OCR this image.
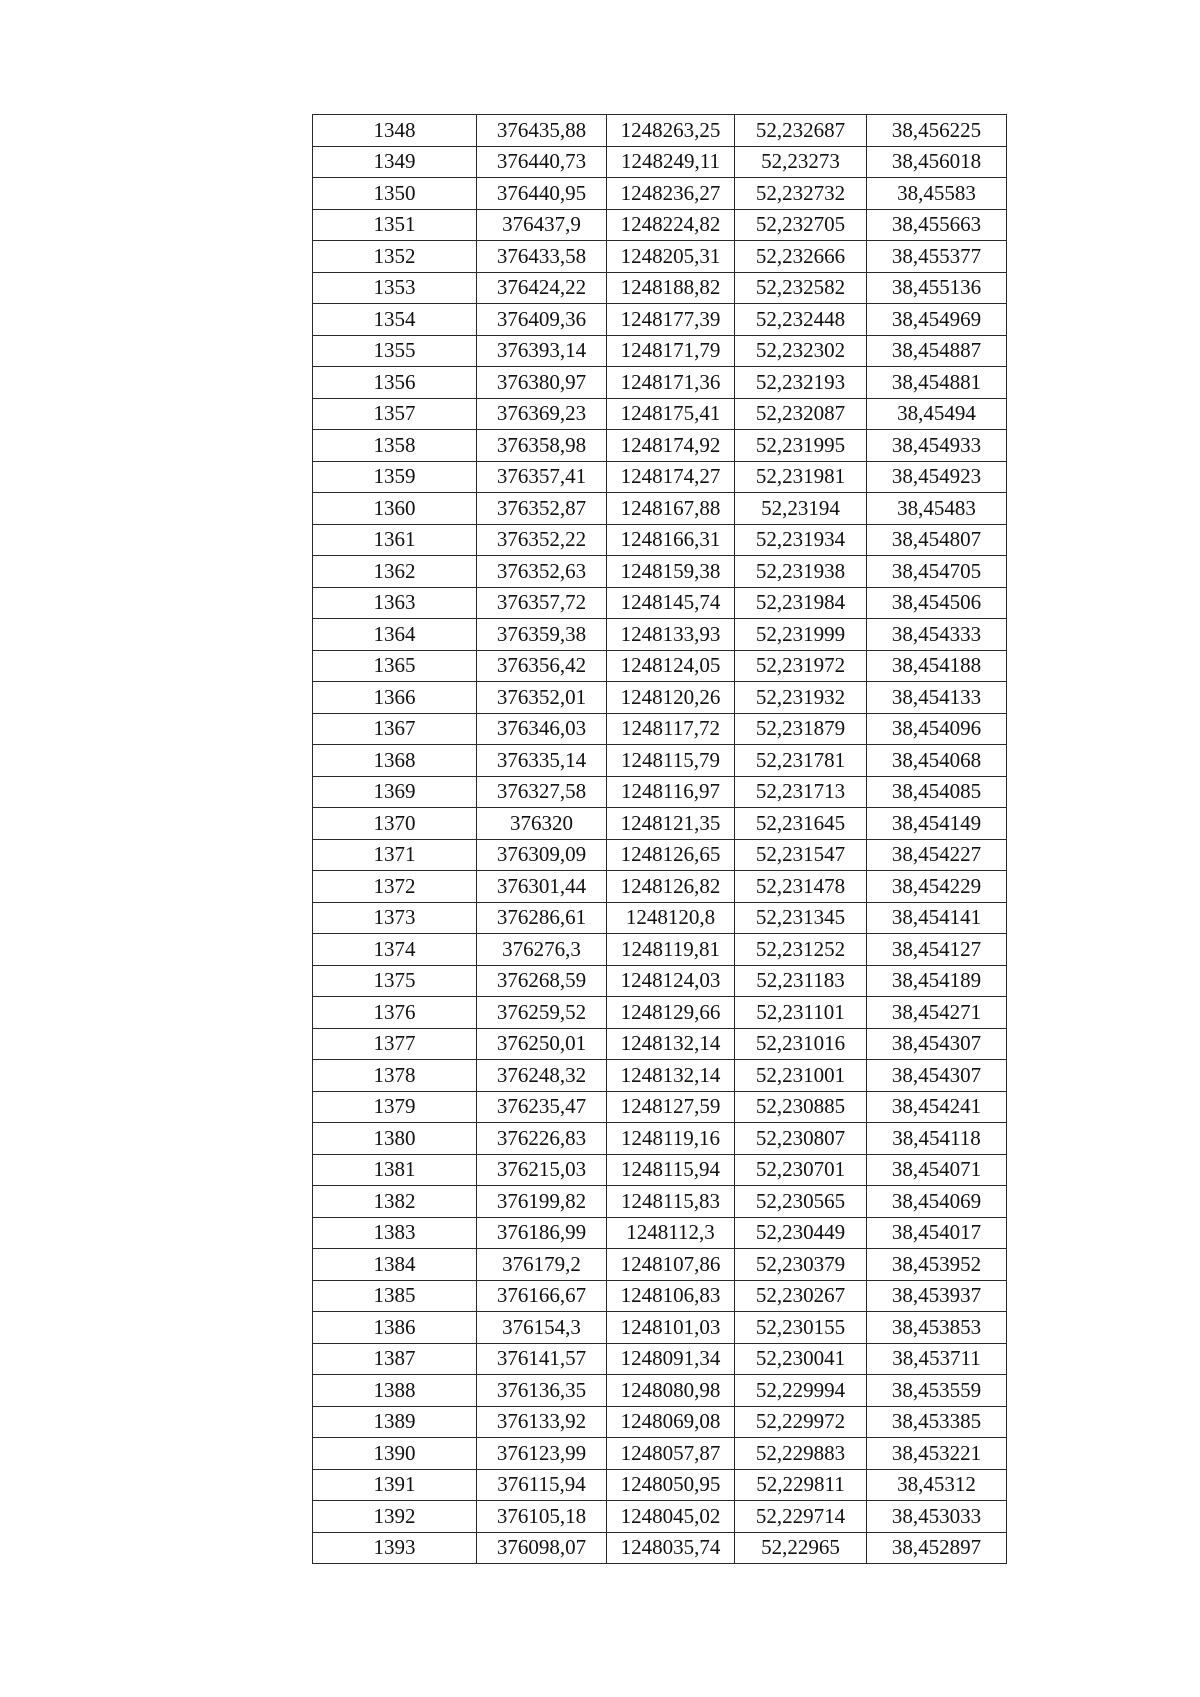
1348	376435,88	1248263,25	52,232687	38,456225
1349	376440,73	1248249,11	52,23273	38,456018
1350	376440,95	1248236,27	52,232732	38,45583
1351	376437,9	1248224,82	52,232705	38,455663
1352	376433,58	1248205,31	52,232666	38,455377
1353	376424,22	1248188,82	52,232582	38,455136
1354	376409,36	1248177,39	52,232448	38,454969
1355	376393,14	1248171,79	52,232302	38,454887
1356	376380,97	1248171,36	52,232193	38,454881
1357	376369,23	1248175,41	52,232087	38,45494
1358	376358,98	1248174,92	52,231995	38,454933
1359	376357,41	1248174,27	52,231981	38,454923
1360	376352,87	1248167,88	52,23194	38,45483
1361	376352,22	1248166,31	52,231934	38,454807
1362	376352,63	1248159,38	52,231938	38,454705
1363	376357,72	1248145,74	52,231984	38,454506
1364	376359,38	1248133,93	52,231999	38,454333
1365	376356,42	1248124,05	52,231972	38,454188
1366	376352,01	1248120,26	52,231932	38,454133
1367	376346,03	1248117,72	52,231879	38,454096
1368	376335,14	1248115,79	52,231781	38,454068
1369	376327,58	1248116,97	52,231713	38,454085
1370	376320	1248121,35	52,231645	38,454149
1371	376309,09	1248126,65	52,231547	38,454227
1372	376301,44	1248126,82	52,231478	38,454229
1373	376286,61	1248120,8	52,231345	38,454141
1374	376276,3	1248119,81	52,231252	38,454127
1375	376268,59	1248124,03	52,231183	38,454189
1376	376259,52	1248129,66	52,231101	38,454271
1377	376250,01	1248132,14	52,231016	38,454307
1378	376248,32	1248132,14	52,231001	38,454307
1379	376235,47	1248127,59	52,230885	38,454241
1380	376226,83	1248119,16	52,230807	38,454118
1381	376215,03	1248115,94	52,230701	38,454071
1382	376199,82	1248115,83	52,230565	38,454069
1383	376186,99	1248112,3	52,230449	38,454017
1384	376179,2	1248107,86	52,230379	38,453952
1385	376166,67	1248106,83	52,230267	38,453937
1386	376154,3	1248101,03	52,230155	38,453853
1387	376141,57	1248091,34	52,230041	38,453711
1388	376136,35	1248080,98	52,229994	38,453559
1389	376133,92	1248069,08	52,229972	38,453385
1390	376123,99	1248057,87	52,229883	38,453221
1391	376115,94	1248050,95	52,229811	38,45312
1392	376105,18	1248045,02	52,229714	38,453033
1393	376098,07	1248035,74	52,22965	38,452897
